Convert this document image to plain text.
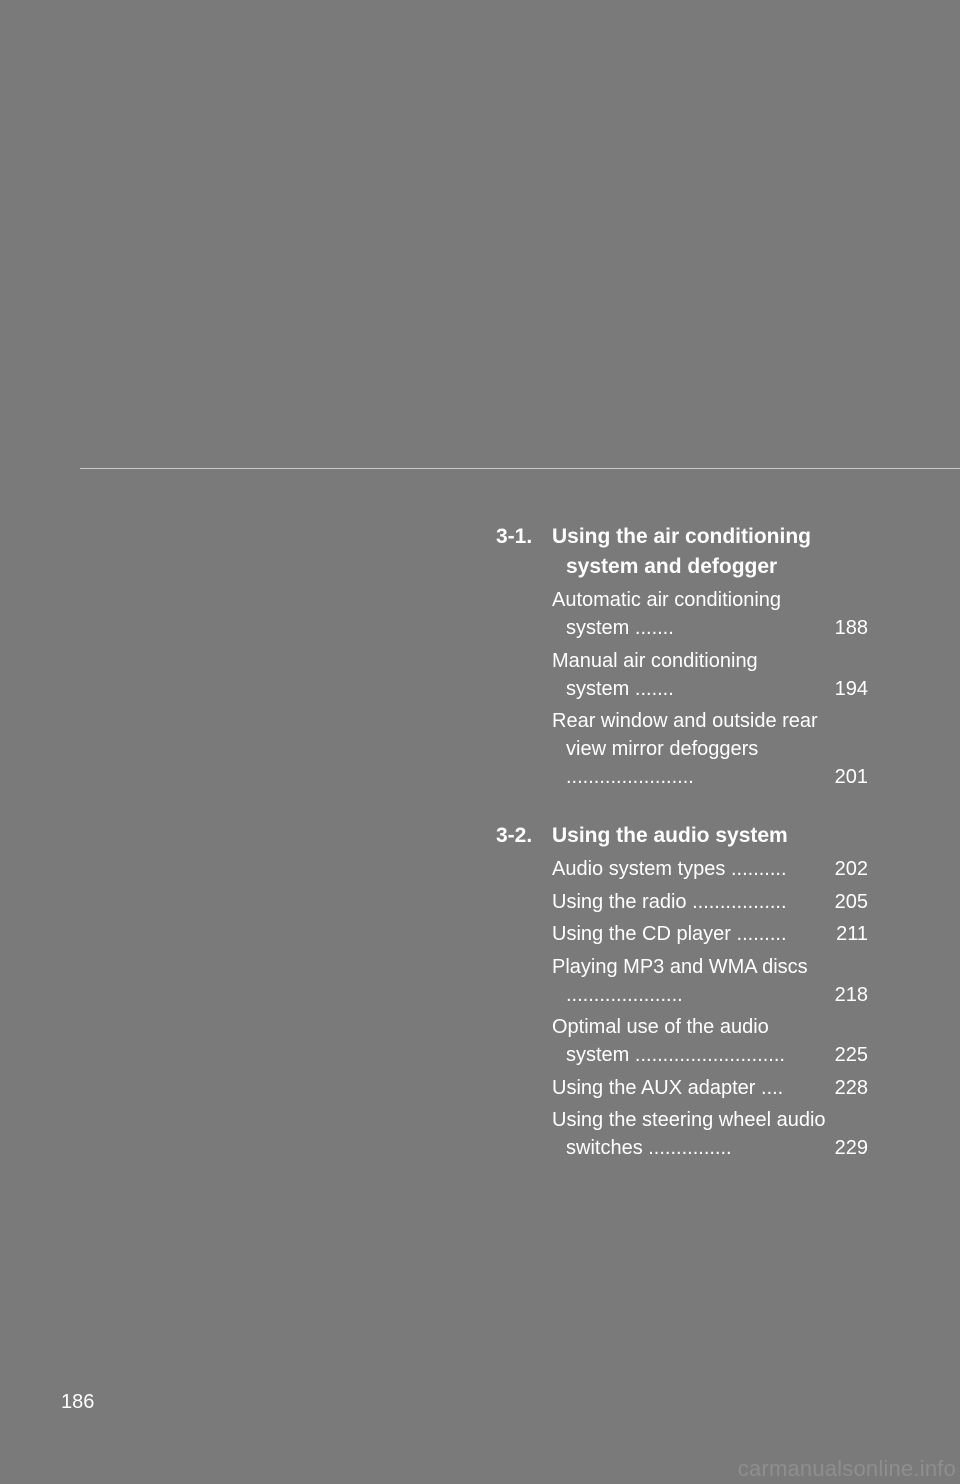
3-1. Using the air conditioning system and defogger
Automatic air conditioning system .......	188
Manual air conditioning system .......	194
Rear window and outside rear view mirror defoggers .......................	201
3-2. Using the audio system
Audio system types ..........	202
Using the radio .................	205
Using the CD player .........	211
Playing MP3 and WMA discs .....................	218
Optimal use of the audio system ...........................	225
Using the AUX adapter ....	228
Using the steering wheel audio switches ...............	229
186
carmanualsonline.info
